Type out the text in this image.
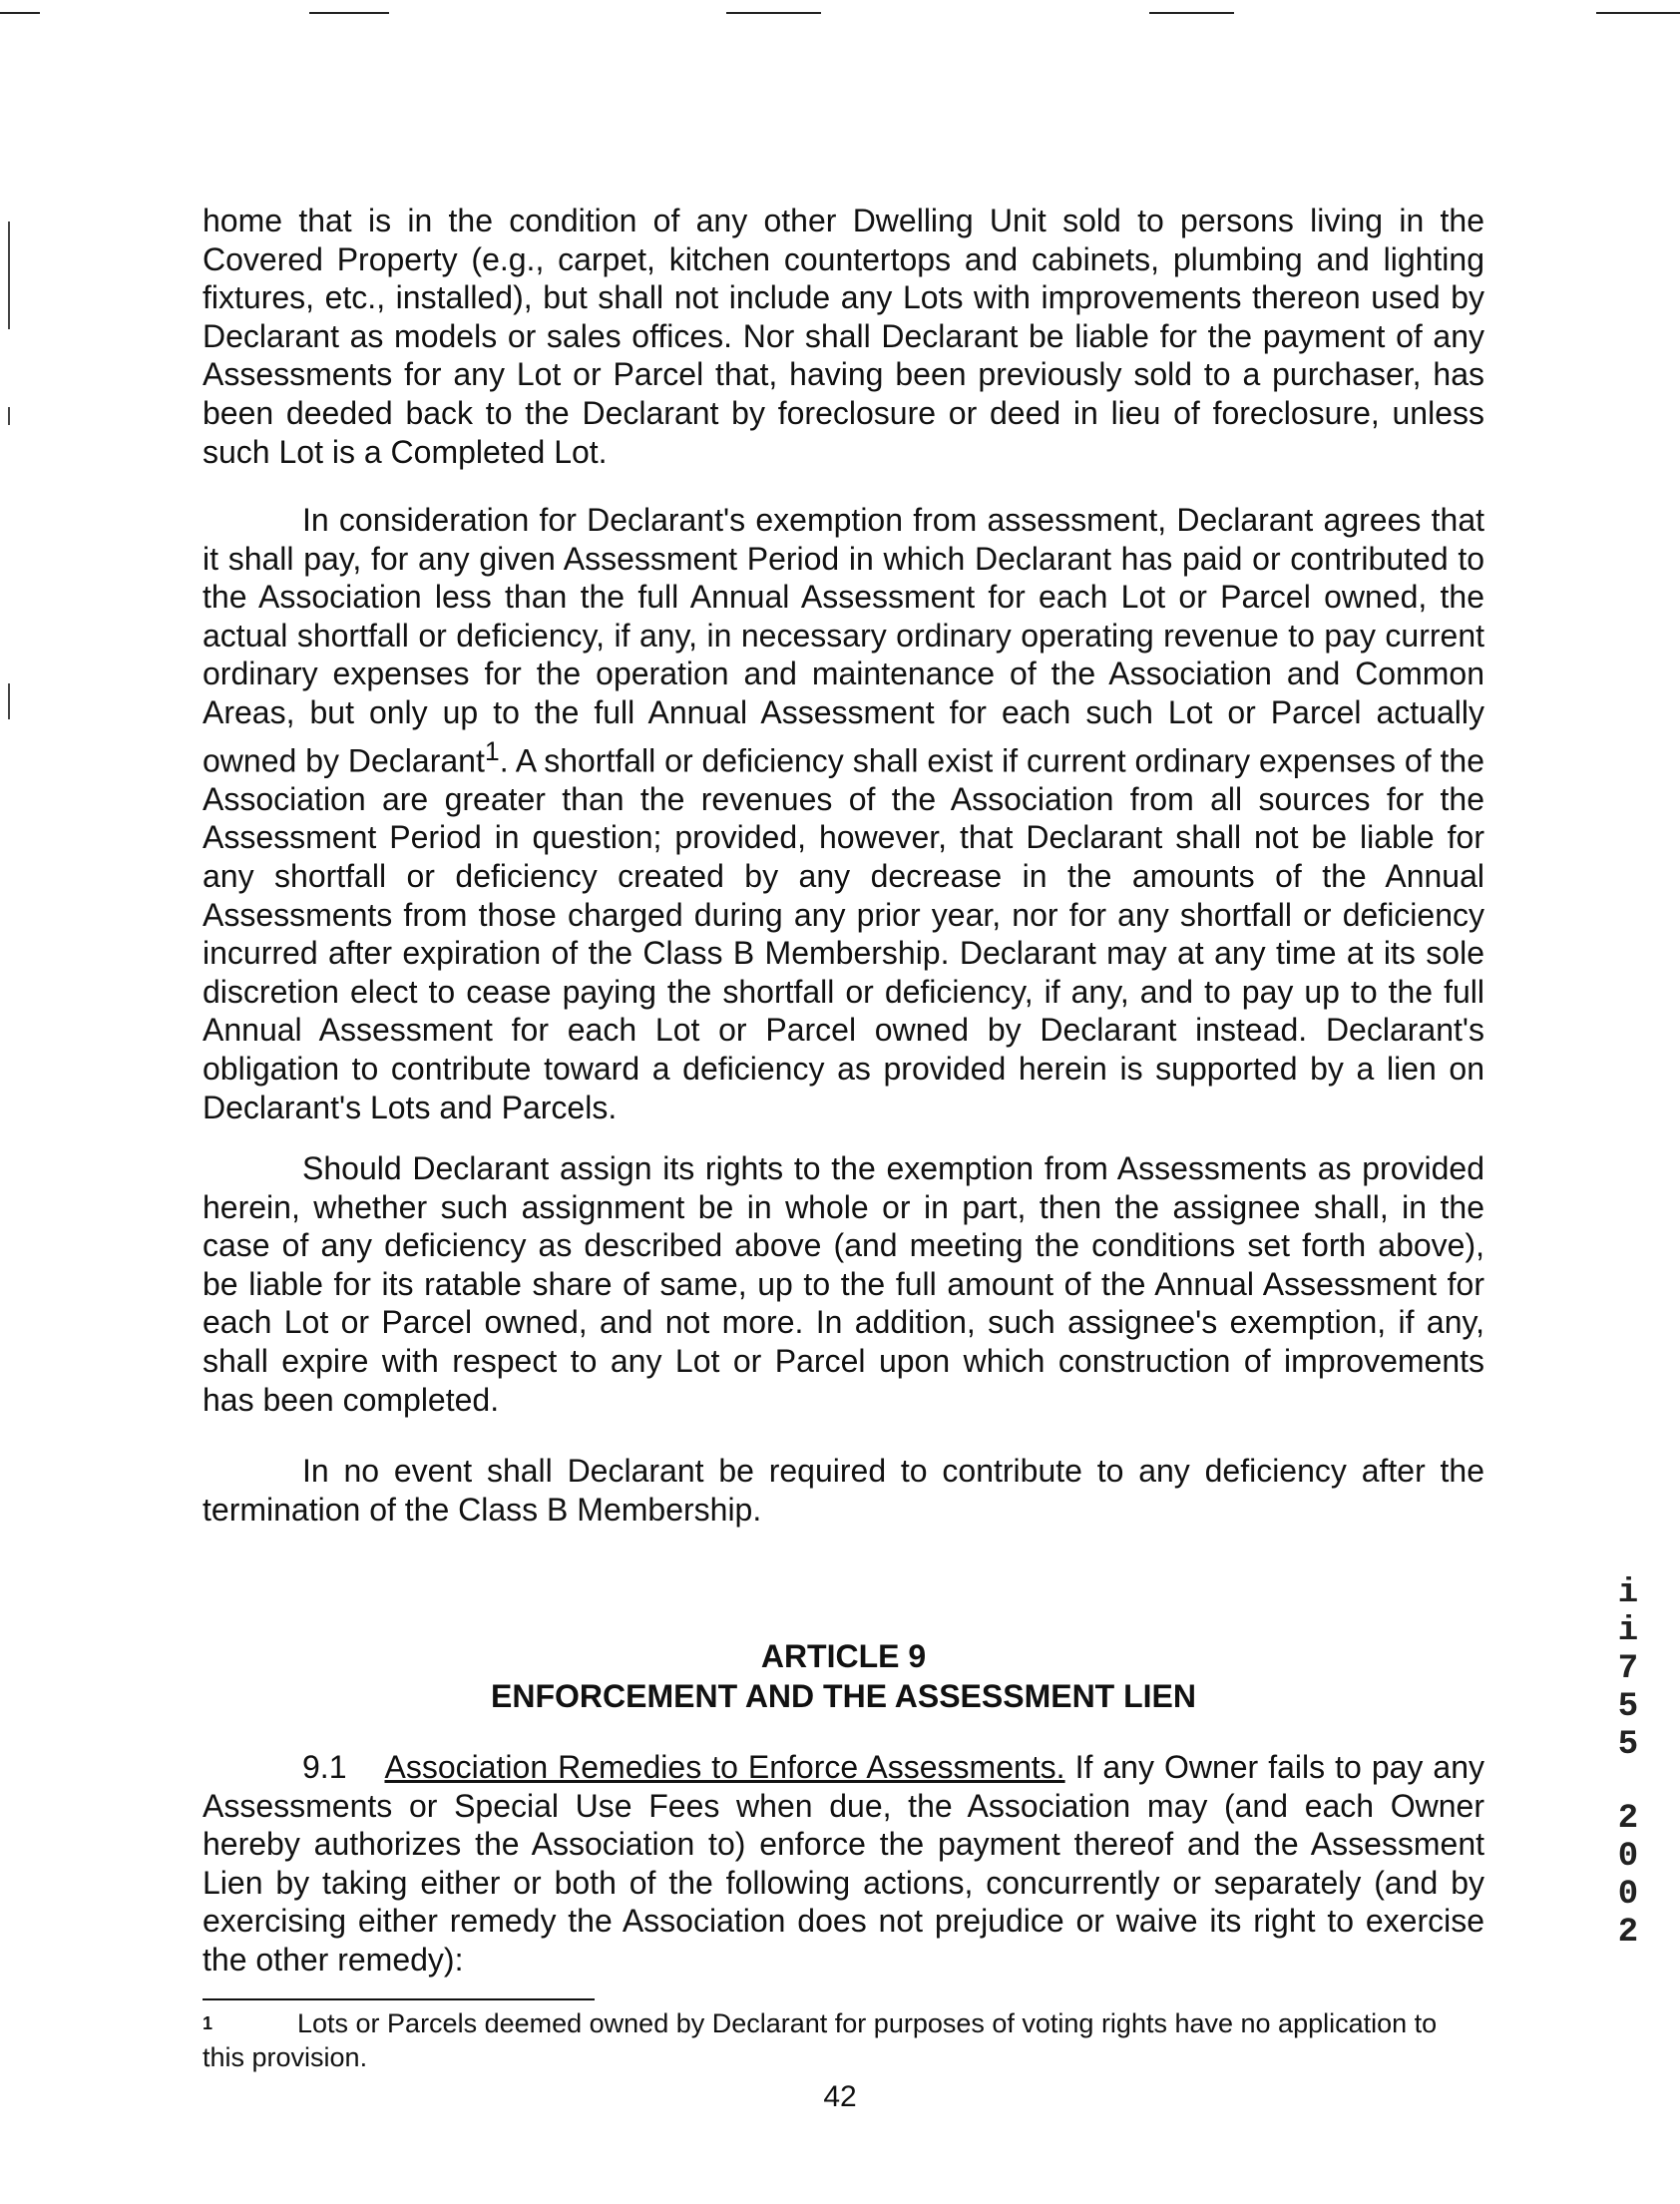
home that is in the condition of any other Dwelling Unit sold to persons living in the Covered Property (e.g., carpet, kitchen countertops and cabinets, plumbing and lighting fixtures, etc., installed), but shall not include any Lots with improvements thereon used by Declarant as models or sales offices. Nor shall Declarant be liable for the payment of any Assessments for any Lot or Parcel that, having been previously sold to a purchaser, has been deeded back to the Declarant by foreclosure or deed in lieu of foreclosure, unless such Lot is a Completed Lot.

In consideration for Declarant's exemption from assessment, Declarant agrees that it shall pay, for any given Assessment Period in which Declarant has paid or contributed to the Association less than the full Annual Assessment for each Lot or Parcel owned, the actual shortfall or deficiency, if any, in necessary ordinary operating revenue to pay current ordinary expenses for the operation and maintenance of the Association and Common Areas, but only up to the full Annual Assessment for each such Lot or Parcel actually owned by Declarant$^1$. A shortfall or deficiency shall exist if current ordinary expenses of the Association are greater than the revenues of the Association from all sources for the Assessment Period in question; provided, however, that Declarant shall not be liable for any shortfall or deficiency created by any decrease in the amounts of the Annual Assessments from those charged during any prior year, nor for any shortfall or deficiency incurred after expiration of the Class B Membership. Declarant may at any time at its sole discretion elect to cease paying the shortfall or deficiency, if any, and to pay up to the full Annual Assessment for each Lot or Parcel owned by Declarant instead. Declarant's obligation to contribute toward a deficiency as provided herein is supported by a lien on Declarant's Lots and Parcels.

Should Declarant assign its rights to the exemption from Assessments as provided herein, whether such assignment be in whole or in part, then the assignee shall, in the case of any deficiency as described above (and meeting the conditions set forth above), be liable for its ratable share of same, up to the full amount of the Annual Assessment for each Lot or Parcel owned, and not more. In addition, such assignee's exemption, if any, shall expire with respect to any Lot or Parcel upon which construction of improvements has been completed.

In no event shall Declarant be required to contribute to any deficiency after the termination of the Class B Membership.

ARTICLE 9
ENFORCEMENT AND THE ASSESSMENT LIEN

9.1 Association Remedies to Enforce Assessments. If any Owner fails to pay any Assessments or Special Use Fees when due, the Association may (and each Owner hereby authorizes the Association to) enforce the payment thereof and the Assessment Lien by taking either or both of the following actions, concurrently or separately (and by exercising either remedy the Association does not prejudice or waive its right to exercise the other remedy):

1	Lots or Parcels deemed owned by Declarant for purposes of voting rights have no application to this provision.
42
i
i
7
5
5
2
0
0
2
